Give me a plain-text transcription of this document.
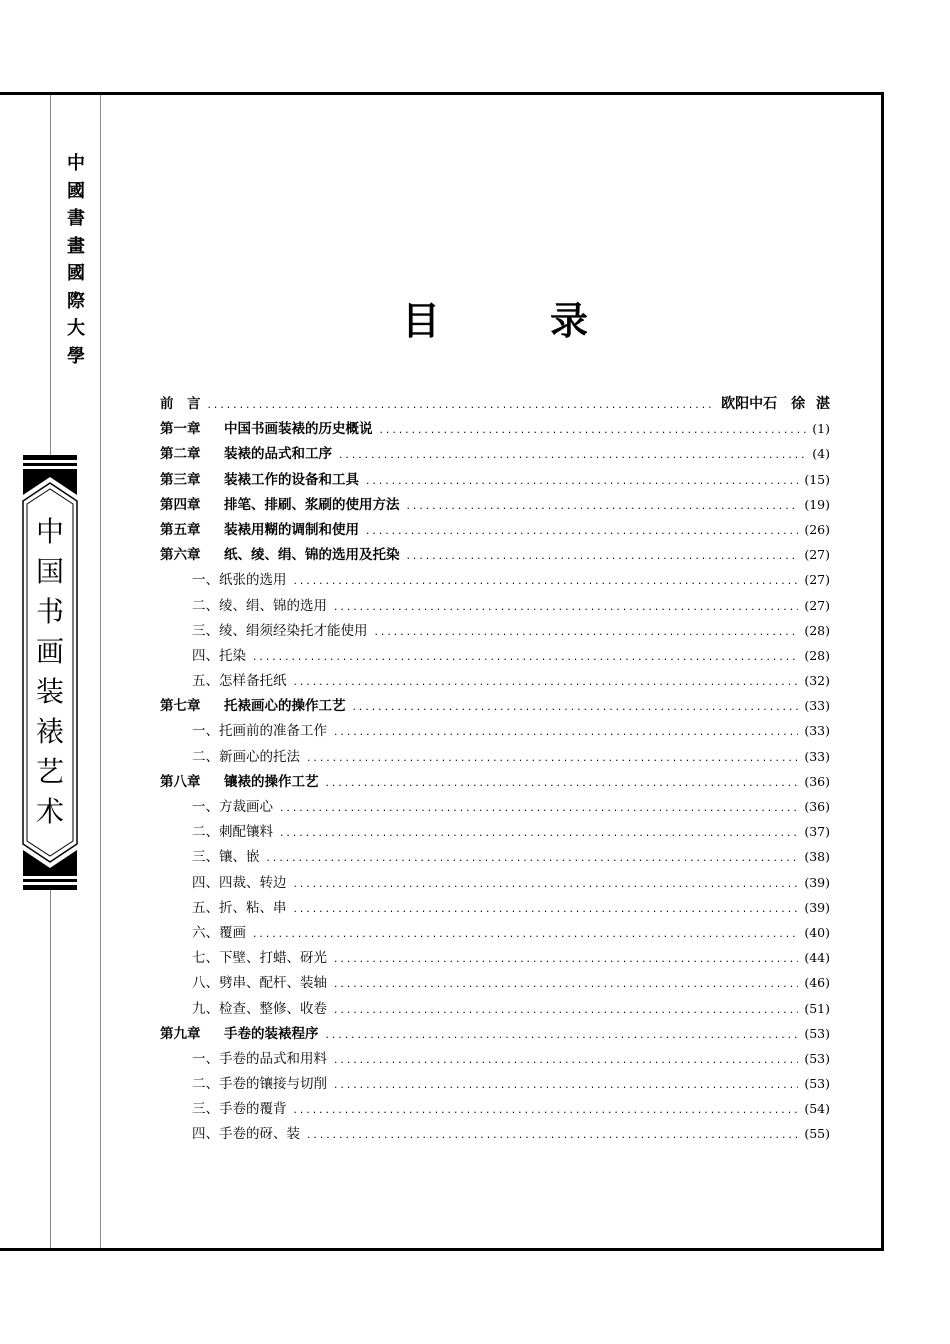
中
國
書
畫
國
際
大
學
中
国
书
画
装
裱
艺
术
目	录
前　言 .....	欧阳中石　徐 湛
第一章	中国书画装裱的历史概说 .....	(1)
第二章	装裱的品式和工序 .....	(4)
第三章	装裱工作的设备和工具 .....	(15)
第四章	排笔、排刷、浆刷的使用方法 .....	(19)
第五章	装裱用糊的调制和使用 .....	(26)
第六章	纸、绫、绢、锦的选用及托染 .....	(27)
一、纸张的选用 .....	(27)
二、绫、绢、锦的选用 .....	(27)
三、绫、绢须经染托才能使用 .....	(28)
四、托染 .....	(28)
五、怎样备托纸 .....	(32)
第七章	托裱画心的操作工艺 .....	(33)
一、托画前的准备工作 .....	(33)
二、新画心的托法 .....	(33)
第八章	镶裱的操作工艺 .....	(36)
一、方裁画心 .....	(36)
二、刺配镶料 .....	(37)
三、镶、嵌 .....	(38)
四、四裁、转边 .....	(39)
五、折、粘、串 .....	(39)
六、覆画 .....	(40)
七、下壁、打蜡、砑光 .....	(44)
八、劈串、配杆、装轴 .....	(46)
九、检查、整修、收卷 .....	(51)
第九章	手卷的装裱程序 .....	(53)
一、手卷的品式和用料 .....	(53)
二、手卷的镶接与切削 .....	(53)
三、手卷的覆背 .....	(54)
四、手卷的砑、装 .....	(55)
